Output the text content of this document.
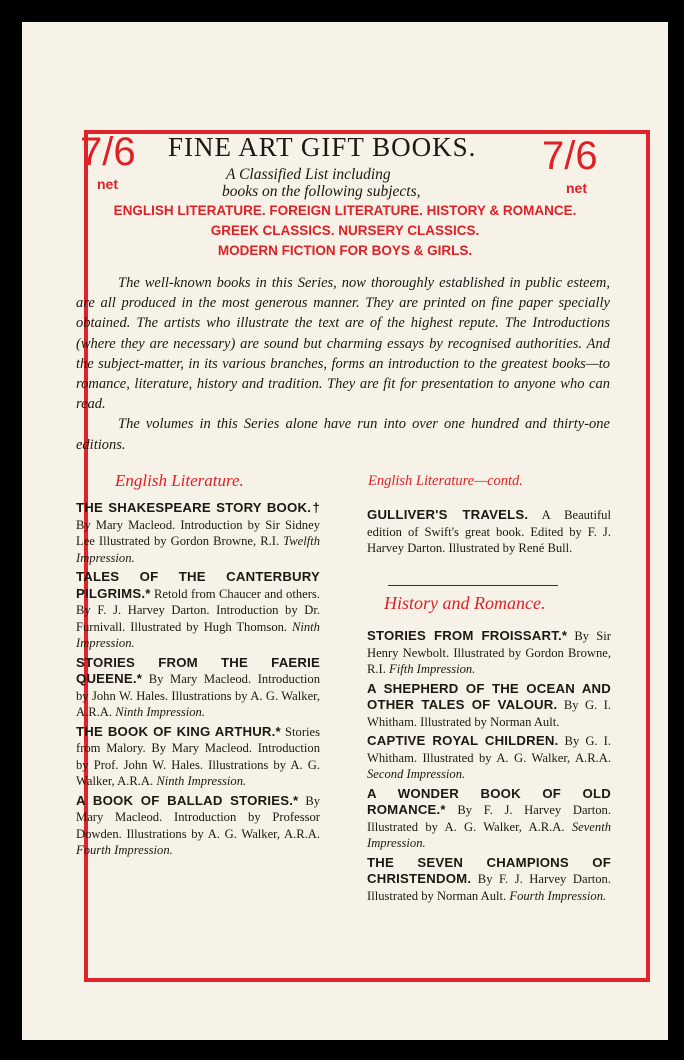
7/6
net
7/6
net
FINE ART GIFT BOOKS.
A Classified List including
books on the following subjects,
ENGLISH LITERATURE. FOREIGN LITERATURE. HISTORY & ROMANCE.
GREEK CLASSICS. NURSERY CLASSICS.
MODERN FICTION FOR BOYS & GIRLS.

The well-known books in this Series, now thoroughly established in public esteem, are all produced in the most generous manner. They are printed on fine paper specially obtained. The artists who illustrate the text are of the highest repute. The Introductions (where they are necessary) are sound but charming essays by recognised authorities. And the subject-matter, in its various branches, forms an introduction to the greatest books—to romance, literature, history and tradition. They are fit for presentation to anyone who can read.

The volumes in this Series alone have run into over one hundred and thirty-one editions.

English Literature.
THE SHAKESPEARE STORY BOOK.† By Mary Macleod. Introduction by Sir Sidney Lee Illustrated by Gordon Browne, R.I. Twelfth Impression.
TALES OF THE CANTERBURY PILGRIMS.* Retold from Chaucer and others. By F. J. Harvey Darton. Introduction by Dr. Furnivall. Illustrated by Hugh Thomson. Ninth Impression.
STORIES FROM THE FAERIE QUEENE.* By Mary Macleod. Introduction by John W. Hales. Illustrations by A. G. Walker, A.R.A. Ninth Impression.
THE BOOK OF KING ARTHUR.* Stories from Malory. By Mary Macleod. Introduction by Prof. John W. Hales. Illustrations by A. G. Walker, A.R.A. Ninth Impression.
A BOOK OF BALLAD STORIES.* By Mary Macleod. Introduction by Professor Dowden. Illustrations by A. G. Walker, A.R.A. Fourth Impression.
English Literature—contd.
GULLIVER'S TRAVELS. A Beautiful edition of Swift's great book. Edited by F. J. Harvey Darton. Illustrated by René Bull.
History and Romance.
STORIES FROM FROISSART.* By Sir Henry Newbolt. Illustrated by Gordon Browne, R.I. Fifth Impression.
A SHEPHERD OF THE OCEAN AND OTHER TALES OF VALOUR. By G. I. Whitham. Illustrated by Norman Ault.
CAPTIVE ROYAL CHILDREN. By G. I. Whitham. Illustrated by A. G. Walker, A.R.A. Second Impression.
A WONDER BOOK OF OLD ROMANCE.* By F. J. Harvey Darton. Illustrated by A. G. Walker, A.R.A. Seventh Impression.
THE SEVEN CHAMPIONS OF CHRISTENDOM. By F. J. Harvey Darton. Illustrated by Norman Ault. Fourth Impression.
